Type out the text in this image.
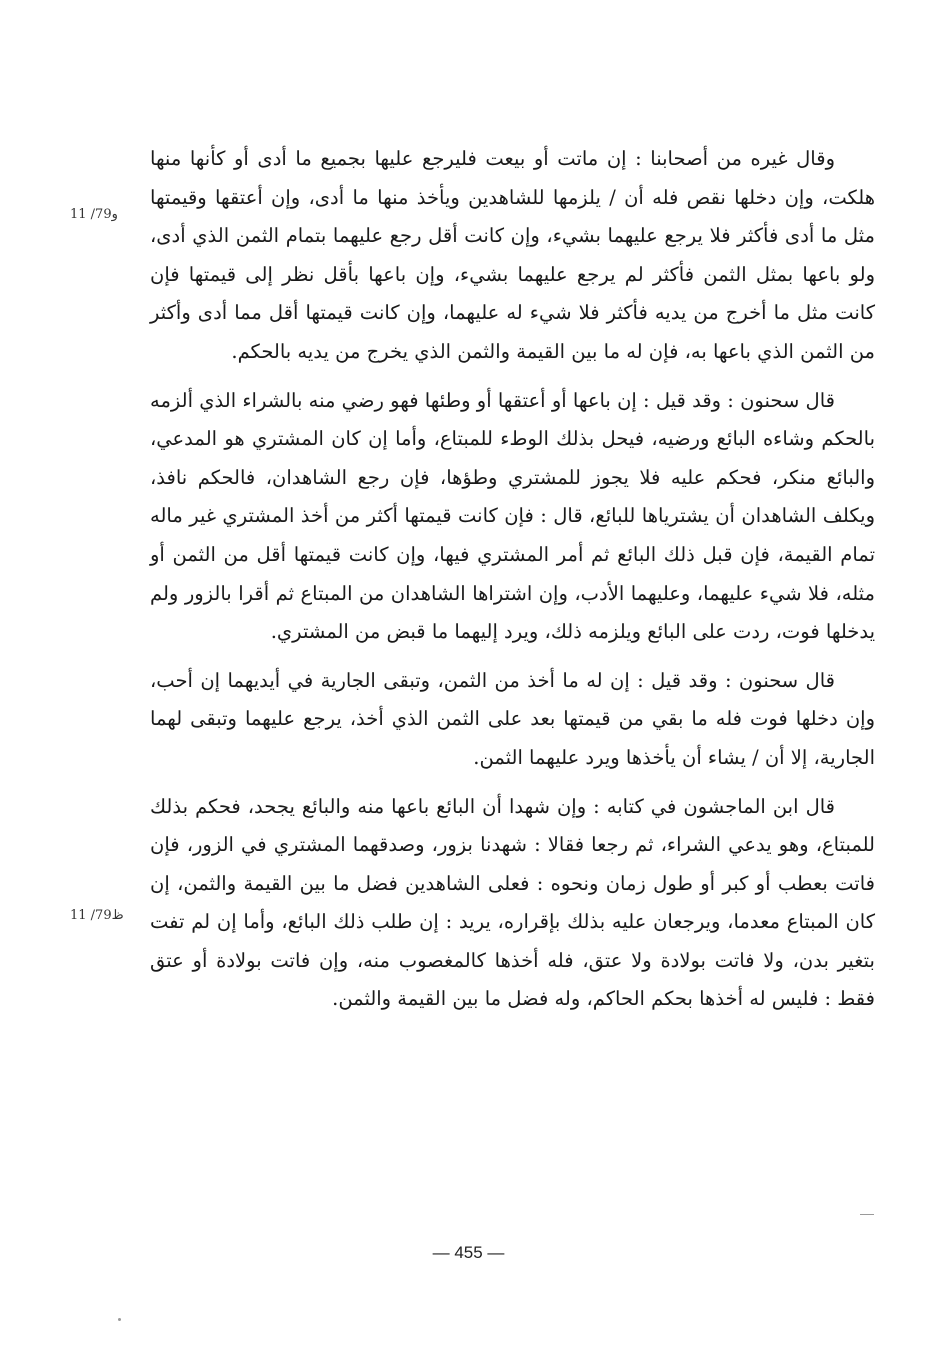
11 /79و
11 /79ظ

وقال غيره من أصحابنا : إن ماتت أو بيعت فليرجع عليها بجميع ما أدى أو كأنها منها هلكت، وإن دخلها نقص فله أن / يلزمها للشاهدين ويأخذ منها ما أدى، وإن أعتقها وقيمتها مثل ما أدى فأكثر فلا يرجع عليهما بشيء، وإن كانت أقل رجع عليهما بتمام الثمن الذي أدى، ولو باعها بمثل الثمن فأكثر لم يرجع عليهما بشيء، وإن باعها بأقل نظر إلى قيمتها فإن كانت مثل ما أخرج من يديه فأكثر فلا شيء له عليهما، وإن كانت قيمتها أقل مما أدى وأكثر من الثمن الذي باعها به، فإن له ما بين القيمة والثمن الذي يخرج من يديه بالحكم.

قال سحنون : وقد قيل : إن باعها أو أعتقها أو وطئها فهو رضي منه بالشراء الذي ألزمه بالحكم وشاءه البائع ورضيه، فيحل بذلك الوطء للمبتاع، وأما إن كان المشتري هو المدعي، والبائع منكر، فحكم عليه فلا يجوز للمشتري وطؤها، فإن رجع الشاهدان، فالحكم نافذ، ويكلف الشاهدان أن يشترياها للبائع، قال : فإن كانت قيمتها أكثر من أخذ المشتري غير ماله تمام القيمة، فإن قبل ذلك البائع ثم أمر المشتري فيها، وإن كانت قيمتها أقل من الثمن أو مثله، فلا شيء عليهما، وعليهما الأدب، وإن اشتراها الشاهدان من المبتاع ثم أقرا بالزور ولم يدخلها فوت، ردت على البائع ويلزمه ذلك، ويرد إليهما ما قبض من المشتري.

قال سحنون : وقد قيل : إن له ما أخذ من الثمن، وتبقى الجارية في أيديهما إن أحب، وإن دخلها فوت فله ما بقي من قيمتها بعد على الثمن الذي أخذ، يرجع عليهما وتبقى لهما الجارية، إلا أن / يشاء أن يأخذها ويرد عليهما الثمن.

قال ابن الماجشون في كتابه : وإن شهدا أن البائع باعها منه والبائع يجحد، فحكم بذلك للمبتاع، وهو يدعي الشراء، ثم رجعا فقالا : شهدنا بزور، وصدقهما المشتري في الزور، فإن فاتت بعطب أو كبر أو طول زمان ونحوه : فعلى الشاهدين فضل ما بين القيمة والثمن، إن كان المبتاع معدما، ويرجعان عليه بذلك بإقراره، يريد : إن طلب ذلك البائع، وأما إن لم تفت بتغير بدن، ولا فاتت بولادة ولا عتق، فله أخذها كالمغصوب منه، وإن فاتت بولادة أو عتق فقط : فليس له أخذها بحكم الحاكم، وله فضل ما بين القيمة والثمن.

— 455 —
